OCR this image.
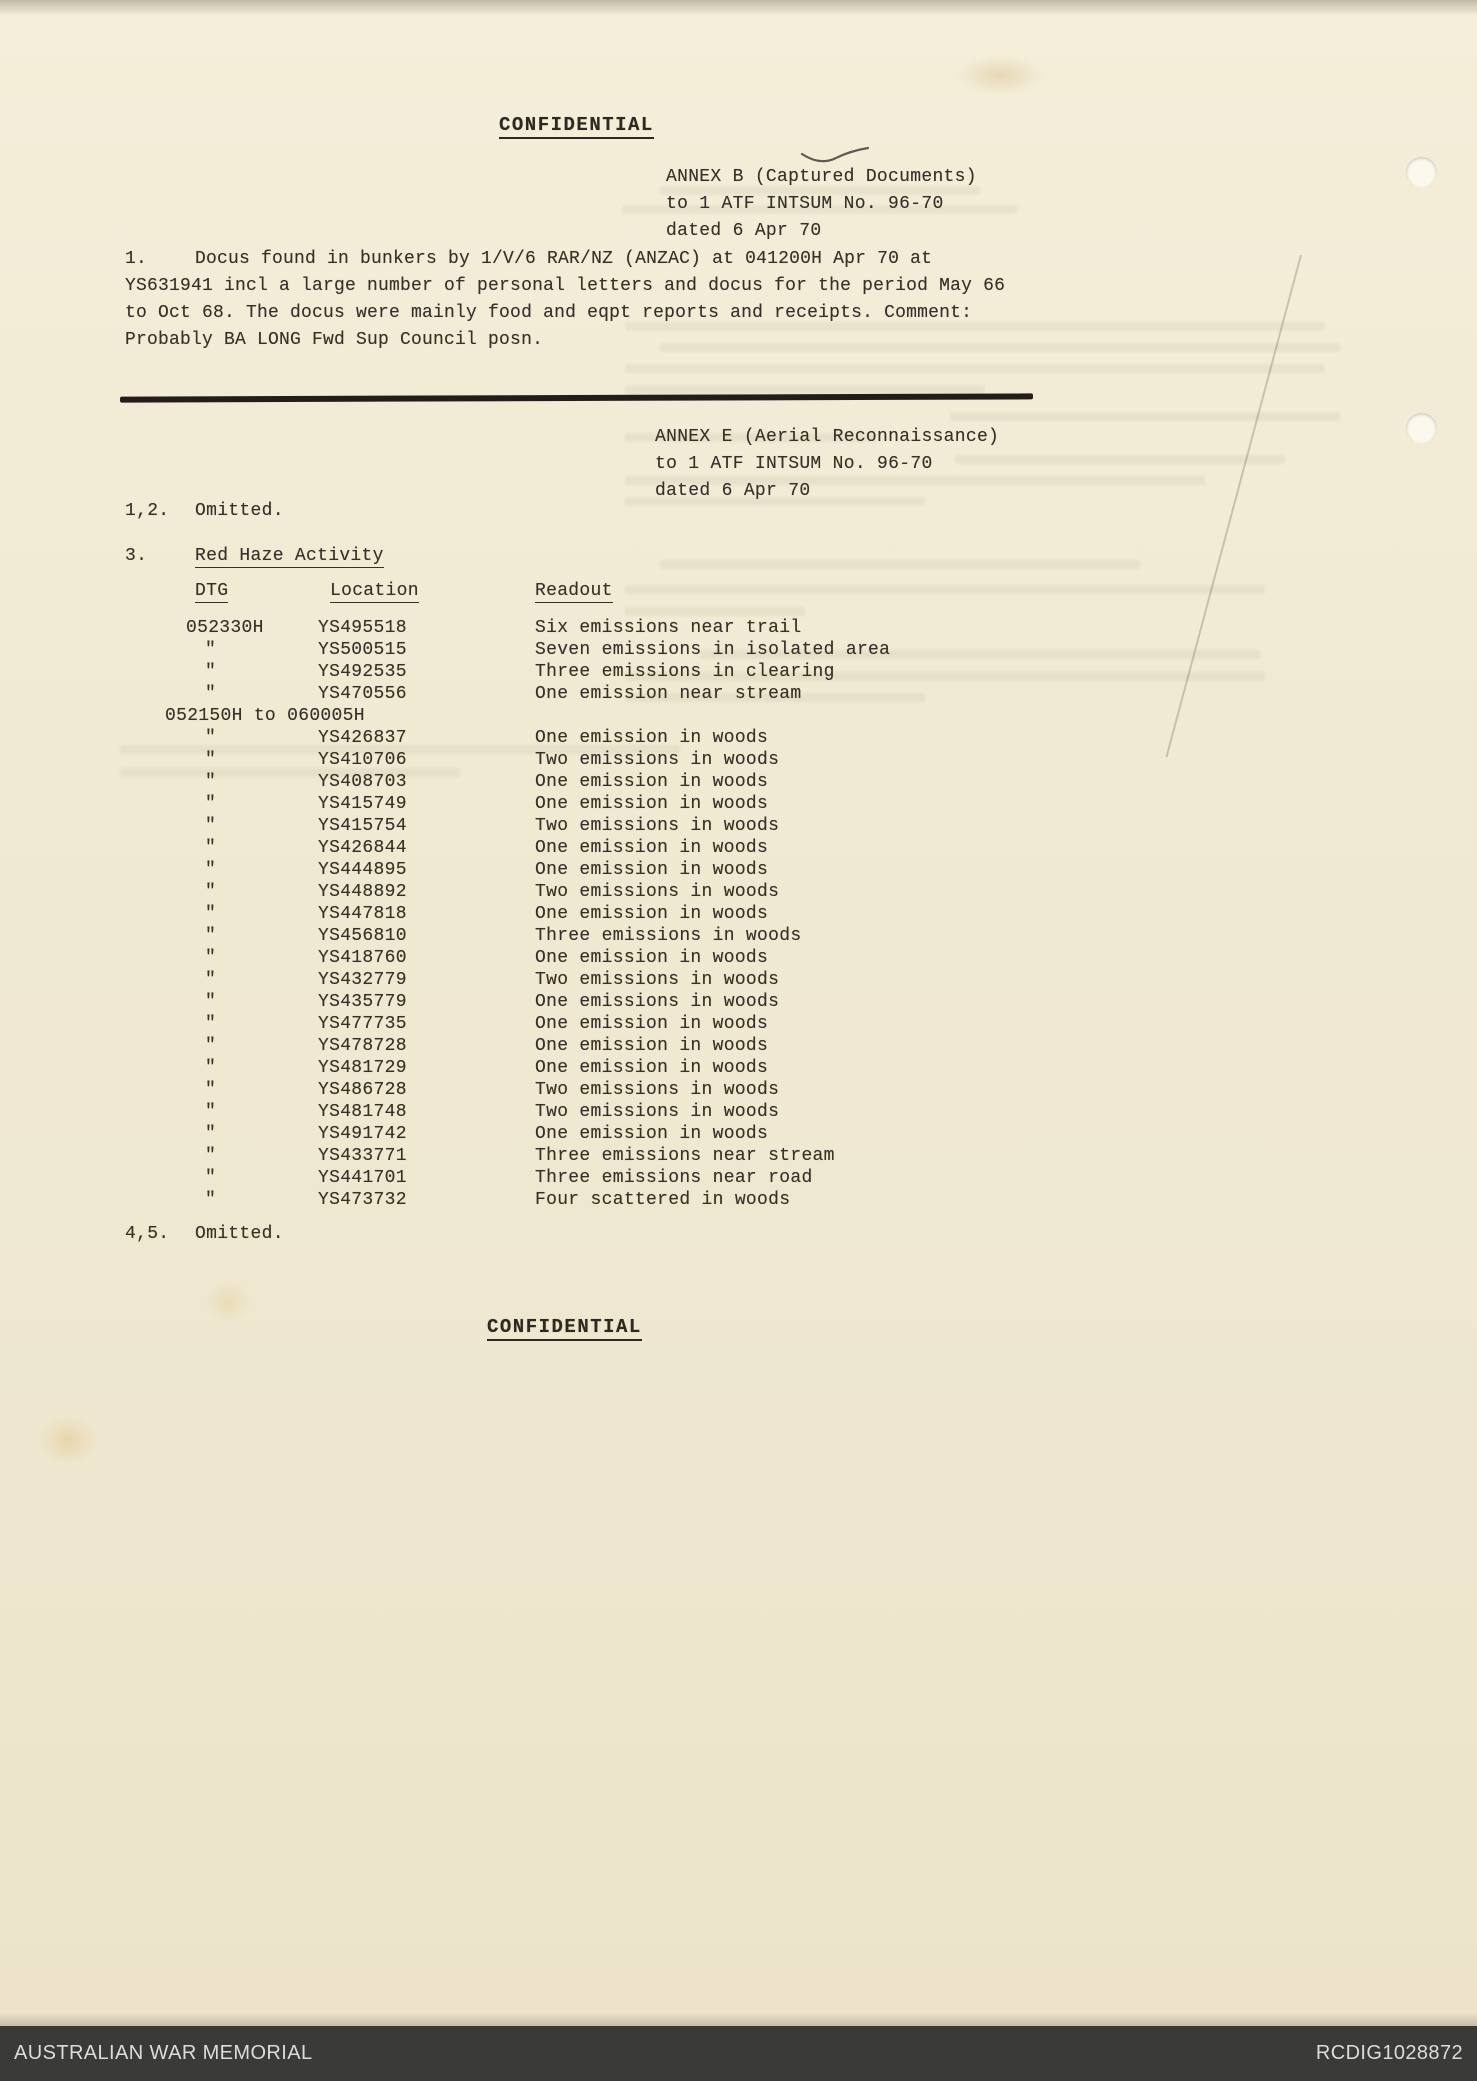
CONFIDENTIAL
ANNEX B (Captured Documents)
to 1 ATF INTSUM No. 96-70
dated 6 Apr 70
1.	Docus found in bunkers by 1/V/6 RAR/NZ (ANZAC) at 041200H Apr 70 at YS631941 incl a large number of personal letters and docus for the period May 66 to Oct 68. The docus were mainly food and eqpt reports and receipts. Comment: Probably BA LONG Fwd Sup Council posn.
ANNEX E (Aerial Reconnaissance)
to 1 ATF INTSUM No. 96-70
dated 6 Apr 70
1,2. Omitted.
3.	Red Haze Activity
DTG	Location	Readout
052330H	YS495518	Six emissions near trail
"	YS500515	Seven emissions in isolated area
"	YS492535	Three emissions in clearing
"	YS470556	One emission near stream
052150H to 060005H
"	YS426837	One emission in woods
"	YS410706	Two emissions in woods
"	YS408703	One emission in woods
"	YS415749	One emission in woods
"	YS415754	Two emissions in woods
"	YS426844	One emission in woods
"	YS444895	One emission in woods
"	YS448892	Two emissions in woods
"	YS447818	One emission in woods
"	YS456810	Three emissions in woods
"	YS418760	One emission in woods
"	YS432779	Two emissions in woods
"	YS435779	One emissions in woods
"	YS477735	One emission in woods
"	YS478728	One emission in woods
"	YS481729	One emission in woods
"	YS486728	Two emissions in woods
"	YS481748	Two emissions in woods
"	YS491742	One emission in woods
"	YS433771	Three emissions near stream
"	YS441701	Three emissions near road
"	YS473732	Four scattered in woods
4,5. Omitted.
CONFIDENTIAL
AUSTRALIAN WAR MEMORIAL	RCDIG1028872
